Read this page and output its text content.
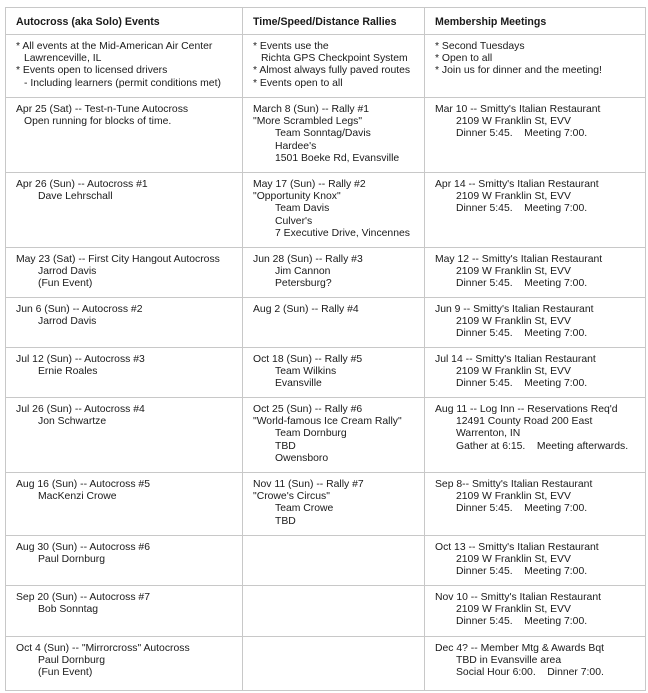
Autocross (aka Solo) Events	Time/Speed/Distance Rallies	Membership Meetings

* All events at the Mid-American Air Center
Lawrenceville, IL
* Events open to licensed drivers
- Including learners (permit conditions met)	* Events use the
Richta GPS Checkpoint System
* Almost always fully paved routes
* Events open to all	* Second Tuesdays
* Open to all
* Join us for dinner and the meeting!

Apr 25 (Sat) -- Test-n-Tune Autocross
Open running for blocks of time.	March 8 (Sun) -- Rally #1
"More Scrambled Legs"
Team Sonntag/Davis
Hardee's
1501 Boeke Rd, Evansville	Mar 10 -- Smitty's Italian Restaurant
2109 W Franklin St, EVV
Dinner 5:45.    Meeting 7:00.

Apr 26 (Sun) -- Autocross #1
Dave Lehrschall	May 17 (Sun) -- Rally #2
"Opportunity Knox"
Team Davis
Culver's
7 Executive Drive, Vincennes	Apr 14 -- Smitty's Italian Restaurant
2109 W Franklin St, EVV
Dinner 5:45.    Meeting 7:00.

May 23 (Sat) -- First City Hangout Autocross
Jarrod Davis
(Fun Event)	Jun 28 (Sun) -- Rally #3
Jim Cannon
Petersburg?	May 12 -- Smitty's Italian Restaurant
2109 W Franklin St, EVV
Dinner 5:45.    Meeting 7:00.

Jun 6 (Sun) -- Autocross #2
Jarrod Davis	Aug 2 (Sun) -- Rally #4	Jun 9 -- Smitty's Italian Restaurant
2109 W Franklin St, EVV
Dinner 5:45.    Meeting 7:00.

Jul 12 (Sun) -- Autocross #3
Ernie Roales	Oct 18 (Sun) -- Rally #5
Team Wilkins
Evansville	Jul 14 -- Smitty's Italian Restaurant
2109 W Franklin St, EVV
Dinner 5:45.    Meeting 7:00.

Jul 26 (Sun) -- Autocross #4
Jon Schwartze	Oct 25 (Sun) -- Rally #6
"World-famous Ice Cream Rally"
Team Dornburg
TBD
Owensboro	Aug 11 -- Log Inn -- Reservations Req'd
12491 County Road 200 East
Warrenton, IN
Gather at 6:15.    Meeting afterwards.

Aug 16 (Sun) -- Autocross #5
MacKenzi Crowe	Nov 11 (Sun) -- Rally #7
"Crowe's Circus"
Team Crowe
TBD	Sep 8-- Smitty's Italian Restaurant
2109 W Franklin St, EVV
Dinner 5:45.    Meeting 7:00.

Aug 30 (Sun) -- Autocross #6
Paul Dornburg		Oct 13 -- Smitty's Italian Restaurant
2109 W Franklin St, EVV
Dinner 5:45.    Meeting 7:00.

Sep 20 (Sun) -- Autocross #7
Bob Sonntag		Nov 10 -- Smitty's Italian Restaurant
2109 W Franklin St, EVV
Dinner 5:45.    Meeting 7:00.

Oct 4 (Sun) -- "Mirrorcross" Autocross
Paul Dornburg
(Fun Event)		Dec 4? -- Member Mtg & Awards Bqt
TBD in Evansville area
Social Hour 6:00.    Dinner 7:00.
